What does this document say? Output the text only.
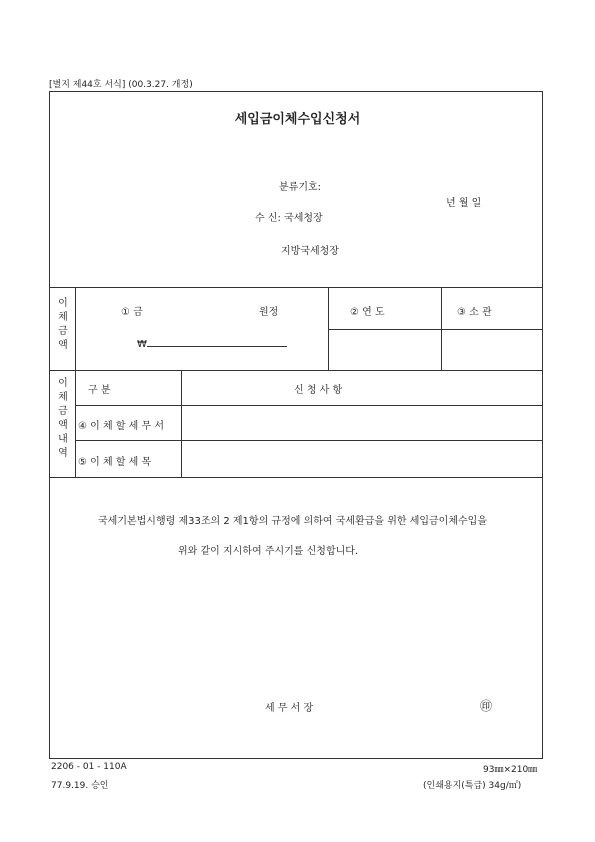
[별지 제44호 서식] (00.3.27. 개정)
세입금이체수입신청서
분류기호:
년 월 일
수 신: 국세청장
지방국세청장
이
체
금
액
① 금	원정
₩
② 연 도	③ 소 관
이
체
금
액
내
역
구 분	신 청 사 항
④ 이 체 할 세 무 서
⑤ 이 체 할 세 목
국세기본법시행령 제33조의 2 제1항의 규정에 의하여 국세환급을 위한 세입금이체수입을
위와 같이 지시하여 주시기를 신청합니다.
세 무 서 장	㊞
2206 - 01 - 110A	93㎜×210㎜
77.9.19. 승인	(인쇄용지(특급) 34g/㎡)
